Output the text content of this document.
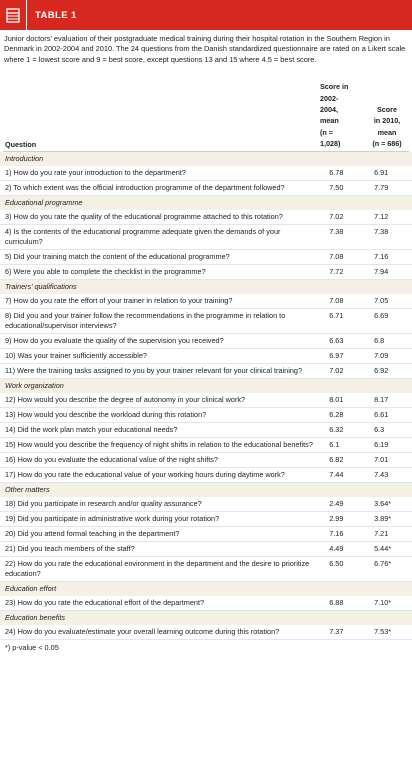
TABLE 1
Junior doctors’ evaluation of their postgraduate medical training during their hospital rotation in the Southern Region in Denmark in 2002-2004 and 2010. The 24 questions from the Danish standardized questionnaire are rated on a Likert scale where 1 = lowest score and 9 = best score, except questions 13 and 15 where 4.5 = best score.
Question
Score in
2002-
2004,
mean
(n =
1,028)
Score
in 2010,
mean
(n = 686)
Introduction
1) How do you rate your introduction to the department?	6.78	6.91
2) To which extent was the official introduction programme of the department followed?	7.50	7.79
Educational programme
3) How do you rate the quality of the educational programme attached to this rotation?	7.02	7.12
4) Is the contents of the educational programme adequate given the demands of your curriculum?
7.38	7.38
5) Did your training match the content of the educational programme?	7.08	7.16
6) Were you able to complete the checklist in the programme?	7.72	7.94
Trainers’ qualifications
7) How do you rate the effort of your trainer in relation to your training?	7.08	7.05
8) Did you and your trainer follow the recommendations in the programme in relation to educational/supervisor interviews?
6.71	6.69
9) How do you evaluate the quality of the supervision you received?	6.63	6.8
10) Was your trainer sufficiently accessible?	6.97	7.09
11) Were the training tasks assigned to you by your trainer relevant for your clinical training?	7.02	6.92
Work organization
12) How would you describe the degree of autonomy in your clinical work?	8.01	8.17
13) How would you describe the workload during this rotation?	6.28	6.61
14) Did the work plan match your educational needs?	6.32	6.3
15) How would you describe the frequency of night shifts in relation to the educational benefits?	6.1	6.19
16) How do you evaluate the educational value of the night shifts?	6.82	7.01
17) How do you rate the educational value of your working hours during daytime work?	7.44	7.43
Other matters
18) Did you participate in research and/or quality assurance?	2.49	3.64*
19) Did you participate in administrative work during your rotation?	2.99	3.89*
20) Did you attend formal teaching in the department?	7.16	7.21
21) Did you teach members of the staff?	4.49	5.44*
22) How do you rate the educational environment in the department and the desire to prioritize education?
6.50	6.76*
Education effort
23) How do you rate the educational effort of the department?	6.88	7.10*
Education benefits
24) How do you evaluate/estimate your overall learning outcome during this rotation?	7.37	7.53*
*) p-value < 0.05
